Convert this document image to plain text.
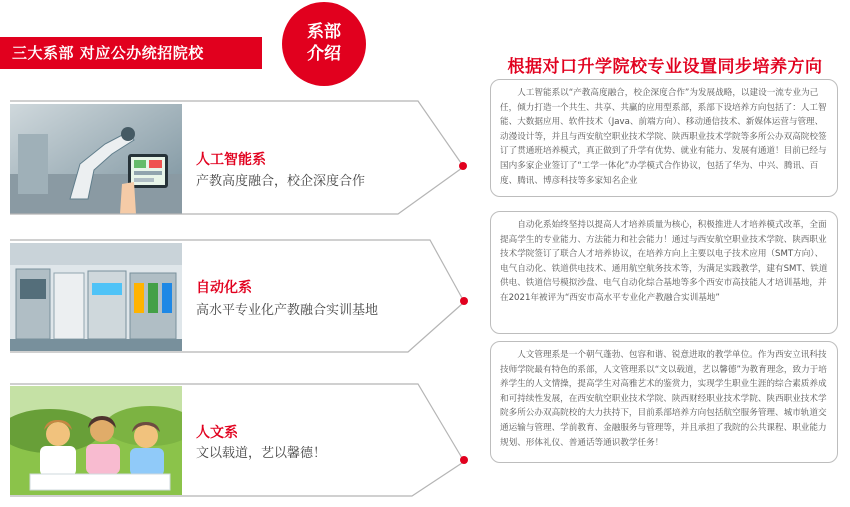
三大系部 对应公办统招院校
系部
介绍
根据对口升学院校专业设置同步培养方向
人工智能系
产教高度融合，校企深度合作
自动化系
高水平专业化产教融合实训基地
人文系
文以载道，艺以馨德！
人工智能系以“产教高度融合，校企深度合作”为发展战略，以建设一流专业为己任，倾力打造一个共生、共享、共赢的应用型系部，系部下设培养方向包括了：人工智能、大数据应用、软件技术（Java、前端方向）、移动通信技术、新媒体运营与管理、动漫设计等，并且与西安航空职业技术学院、陕西职业技术学院等多所公办双高院校签订了贯通班培养模式，真正做到了升学有优势、就业有能力、发展有通道！目前已经与国内多家企业签订了“工学一体化”办学模式合作协议，包括了华为、中兴、腾讯、百度、腾讯、博彦科技等多家知名企业
自动化系始终坚持以提高人才培养质量为核心，积极推进人才培养模式改革，全面提高学生的专业能力、方法能力和社会能力！通过与西安航空职业技术学院、陕西职业技术学院签订了联合人才培养协议，在培养方向上主要以电子技术应用（SMT方向）、电气自动化、铁道供电技术、通用航空航务技术等，为满足实践教学，建有SMT、铁道供电、铁道信号模拟沙盘、电气自动化综合基地等多个西安市高技能人才培训基地，并在2021年被评为“西安市高水平专业化产教融合实训基地”
人文管理系是一个朝气蓬勃、包容和谐、锐意进取的教学单位。作为西安立讯科技技师学院最有特色的系部，人文管理系以“文以载道，艺以馨德”为教育理念，致力于培养学生的人文情操，提高学生对高雅艺术的鉴赏力，实现学生职业生涯的综合素质养成和可持续性发展，在西安航空职业技术学院、陕西财经职业技术学院、陕西职业技术学院多所公办双高院校的大力扶持下，目前系部培养方向包括航空服务管理、城市轨道交通运输与管理、学前教育、金融服务与管理等，并且承担了我院的公共课程、职业能力规划、形体礼仪、普通话等通识教学任务！
